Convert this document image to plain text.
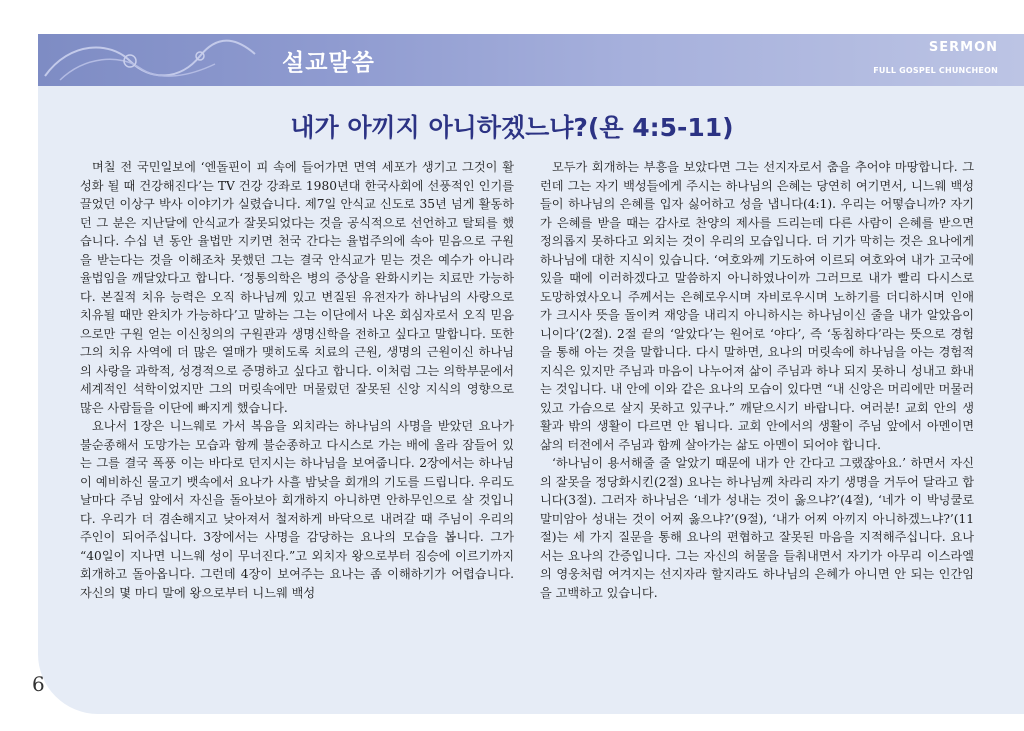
설교말씀
SERMON
FULL GOSPEL CHUNCHEON
내가 아끼지 아니하겠느냐?(욘 4:5-11)

며칠 전 국민일보에 ‘엔돌핀이 피 속에 들어가면 면역 세포가 생기고 그것이 활성화 될 때 건강해진다’는 TV 건강 강좌로 1980년대 한국사회에 선풍적인 인기를 끌었던 이상구 박사 이야기가 실렸습니다. 제7일 안식교 신도로 35년 넘게 활동하던 그 분은 지난달에 안식교가 잘못되었다는 것을 공식적으로 선언하고 탈퇴를 했습니다. 수십 년 동안 율법만 지키면 천국 간다는 율법주의에 속아 믿음으로 구원을 받는다는 것을 이해조차 못했던 그는 결국 안식교가 믿는 것은 예수가 아니라 율법임을 깨달았다고 합니다. ‘정통의학은 병의 증상을 완화시키는 치료만 가능하다. 본질적 치유 능력은 오직 하나님께 있고 변질된 유전자가 하나님의 사랑으로 치유될 때만 완치가 가능하다’고 말하는 그는 이단에서 나온 회심자로서 오직 믿음으로만 구원 얻는 이신칭의의 구원관과 생명신학을 전하고 싶다고 말합니다. 또한 그의 치유 사역에 더 많은 열매가 맺히도록 치료의 근원, 생명의 근원이신 하나님의 사랑을 과학적, 성경적으로 증명하고 싶다고 합니다. 이처럼 그는 의학부문에서 세계적인 석학이었지만 그의 머릿속에만 머물렀던 잘못된 신앙 지식의 영향으로 많은 사람들을 이단에 빠지게 했습니다.

요나서 1장은 니느웨로 가서 복음을 외치라는 하나님의 사명을 받았던 요나가 불순종해서 도망가는 모습과 함께 불순종하고 다시스로 가는 배에 올라 잠들어 있는 그를 결국 폭풍 이는 바다로 던지시는 하나님을 보여줍니다. 2장에서는 하나님이 예비하신 물고기 뱃속에서 요나가 사흘 밤낮을 회개의 기도를 드립니다. 우리도 날마다 주님 앞에서 자신을 돌아보아 회개하지 아니하면 안하무인으로 살 것입니다. 우리가 더 겸손해지고 낮아져서 철저하게 바닥으로 내려갈 때 주님이 우리의 주인이 되어주십니다. 3장에서는 사명을 감당하는 요나의 모습을 봅니다. 그가 “40일이 지나면 니느웨 성이 무너진다.”고 외치자 왕으로부터 짐승에 이르기까지 회개하고 돌아옵니다. 그런데 4장이 보여주는 요나는 좀 이해하기가 어렵습니다. 자신의 몇 마디 말에 왕으로부터 니느웨 백성

모두가 회개하는 부흥을 보았다면 그는 선지자로서 춤을 추어야 마땅합니다. 그런데 그는 자기 백성들에게 주시는 하나님의 은혜는 당연히 여기면서, 니느웨 백성들이 하나님의 은혜를 입자 싫어하고 성을 냅니다(4:1). 우리는 어떻습니까? 자기가 은혜를 받을 때는 감사로 찬양의 제사를 드리는데 다른 사람이 은혜를 받으면 정의롭지 못하다고 외치는 것이 우리의 모습입니다. 더 기가 막히는 것은 요나에게 하나님에 대한 지식이 있습니다. ‘여호와께 기도하여 이르되 여호와여 내가 고국에 있을 때에 이러하겠다고 말씀하지 아니하였나이까 그러므로 내가 빨리 다시스로 도망하였사오니 주께서는 은혜로우시며 자비로우시며 노하기를 더디하시며 인애가 크시사 뜻을 돌이켜 재앙을 내리지 아니하시는 하나님이신 줄을 내가 알았음이니이다’(2절). 2절 끝의 ‘알았다’는 원어로 ‘야다’, 즉 ‘동침하다’라는 뜻으로 경험을 통해 아는 것을 말합니다. 다시 말하면, 요나의 머릿속에 하나님을 아는 경험적 지식은 있지만 주님과 마음이 나누어져 삶이 주님과 하나 되지 못하니 성내고 화내는 것입니다. 내 안에 이와 같은 요나의 모습이 있다면 “내 신앙은 머리에만 머물러 있고 가슴으로 살지 못하고 있구나.” 깨닫으시기 바랍니다. 여러분! 교회 안의 생활과 밖의 생활이 다르면 안 됩니다. 교회 안에서의 생활이 주님 앞에서 아멘이면 삶의 터전에서 주님과 함께 살아가는 삶도 아멘이 되어야 합니다.

‘하나님이 용서해줄 줄 알았기 때문에 내가 안 간다고 그랬잖아요.’ 하면서 자신의 잘못을 정당화시킨(2절) 요나는 하나님께 차라리 자기 생명을 거두어 달라고 합니다(3절). 그러자 하나님은 ‘네가 성내는 것이 옳으냐?’(4절), ‘네가 이 박넝쿨로 말미암아 성내는 것이 어찌 옳으냐?’(9절), ‘내가 어찌 아끼지 아니하겠느냐?’(11절)는 세 가지 질문을 통해 요나의 편협하고 잘못된 마음을 지적해주십니다. 요나서는 요나의 간증입니다. 그는 자신의 허물을 들춰내면서 자기가 아무리 이스라엘의 영웅처럼 여겨지는 선지자라 할지라도 하나님의 은혜가 아니면 안 되는 인간임을 고백하고 있습니다.

6
